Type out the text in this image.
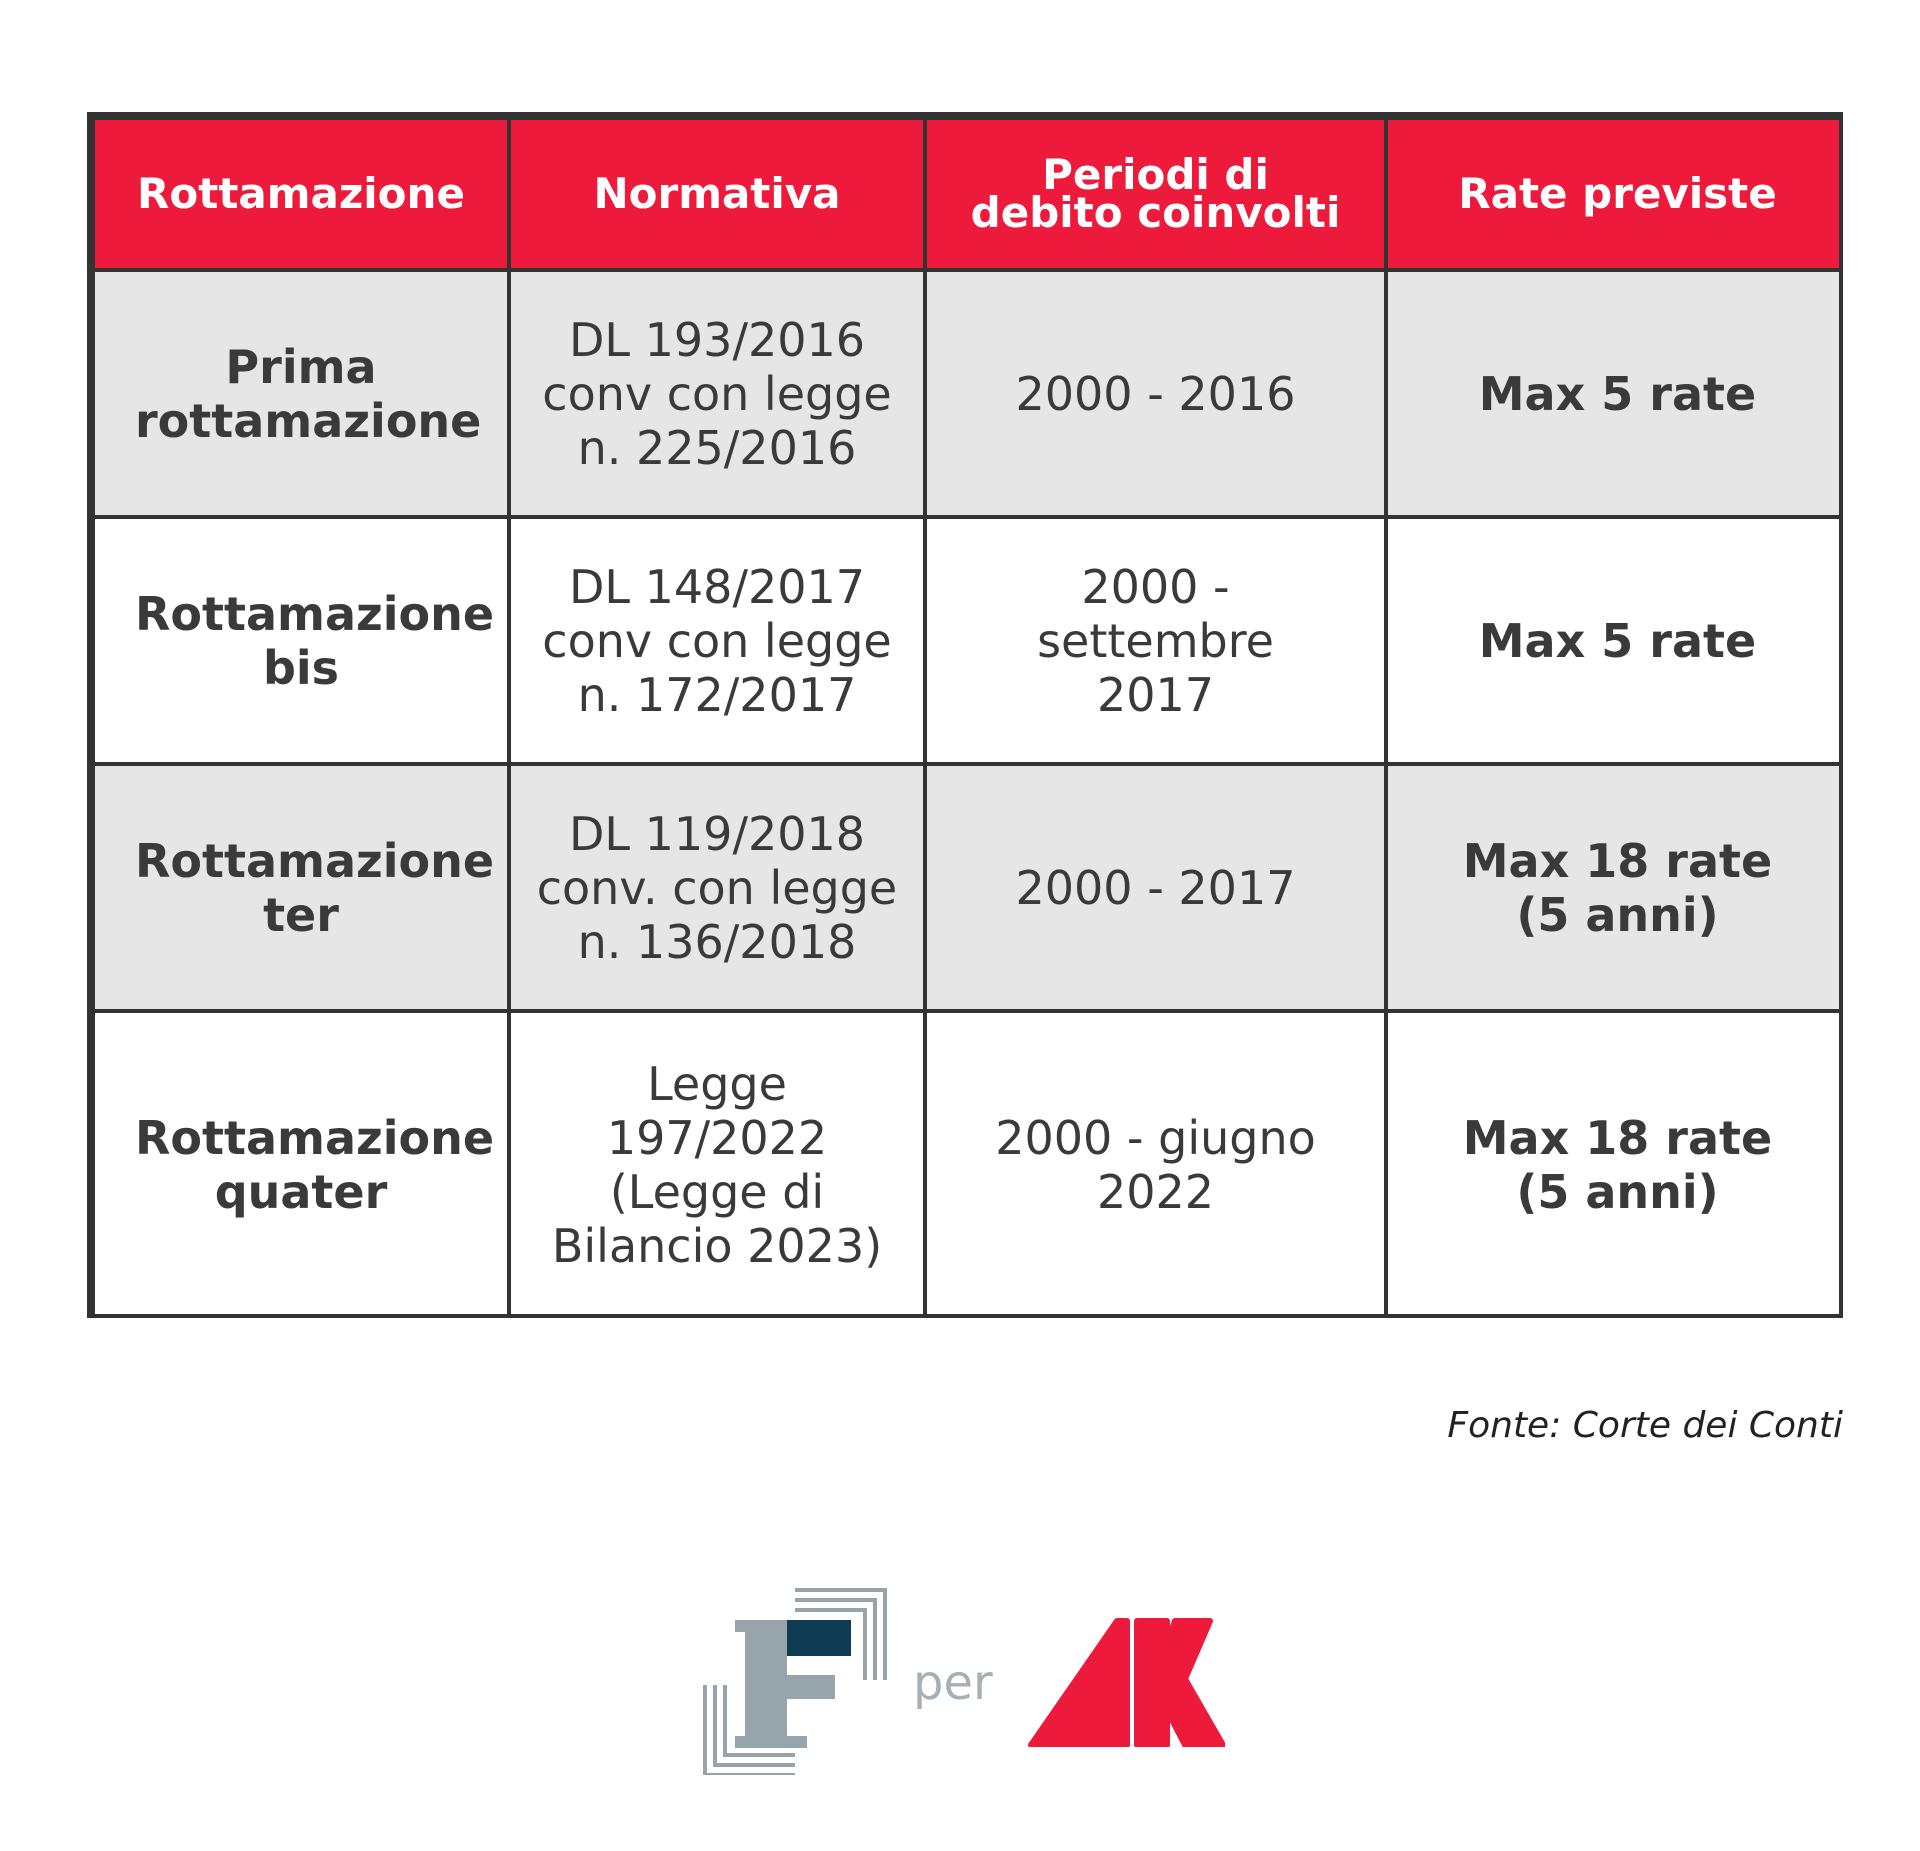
Rottamazione	Normativa	Periodi di debito coinvolti	Rate previste
Prima rottamazione	DL 193/2016 conv con legge n. 225/2016	2000 - 2016	Max 5 rate
Rottamazione bis	DL 148/2017 conv con legge n. 172/2017	2000 - settembre 2017	Max 5 rate
Rottamazione ter	DL 119/2018 conv. con legge n. 136/2018	2000 - 2017	Max 18 rate (5 anni)
Rottamazione quater	Legge 197/2022 (Legge di Bilancio 2023)	2000 - giugno 2022	Max 18 rate (5 anni)
Fonte: Corte dei Conti
per
